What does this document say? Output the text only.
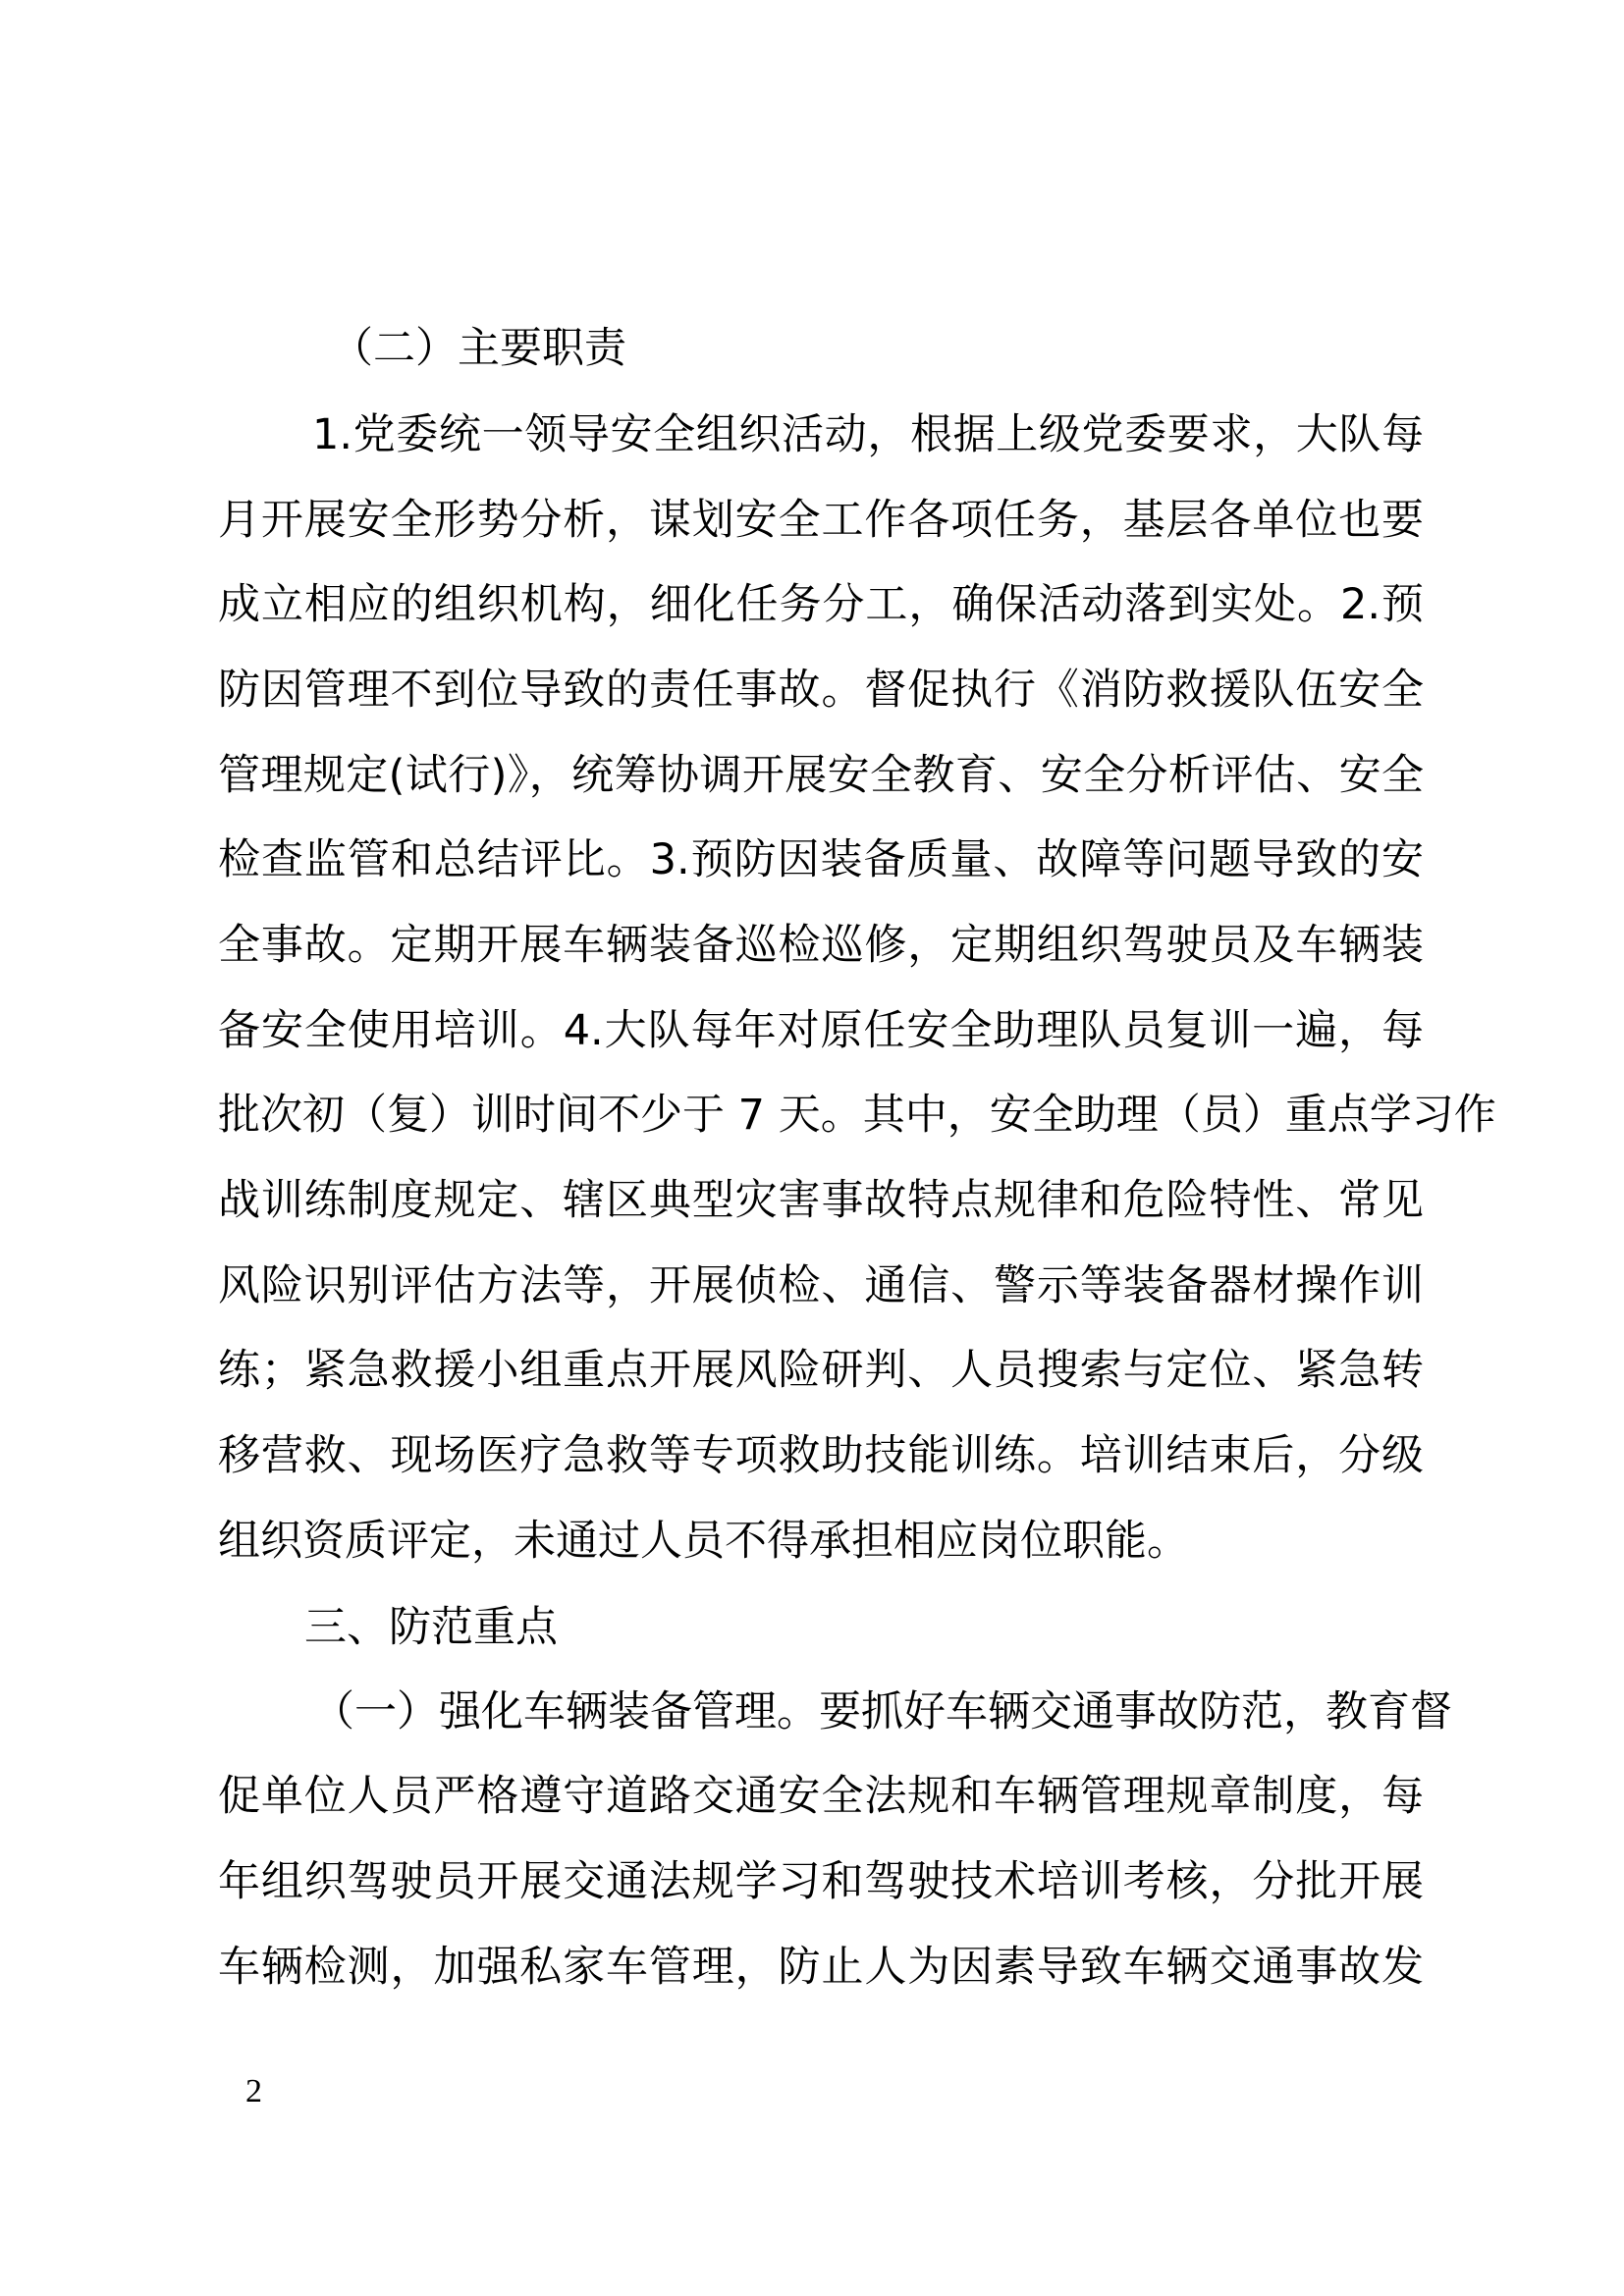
（二）主要职责
1.党委统一领导安全组织活动，根据上级党委要求，大队每
月开展安全形势分析，谋划安全工作各项任务，基层各单位也要
成立相应的组织机构，细化任务分工，确保活动落到实处。2.预
防因管理不到位导致的责任事故。督促执行《消防救援队伍安全
管理规定(试行)》，统筹协调开展安全教育、安全分析评估、安全
检查监管和总结评比。3.预防因装备质量、故障等问题导致的安
全事故。定期开展车辆装备巡检巡修，定期组织驾驶员及车辆装
备安全使用培训。4.大队每年对原任安全助理队员复训一遍，每
批次初（复）训时间不少于 7 天。其中，安全助理（员）重点学习作
战训练制度规定、辖区典型灾害事故特点规律和危险特性、常见
风险识别评估方法等，开展侦检、通信、警示等装备器材操作训
练；紧急救援小组重点开展风险研判、人员搜索与定位、紧急转
移营救、现场医疗急救等专项救助技能训练。培训结束后，分级
组织资质评定，未通过人员不得承担相应岗位职能。
三、防范重点
（一）强化车辆装备管理。要抓好车辆交通事故防范，教育督
促单位人员严格遵守道路交通安全法规和车辆管理规章制度，每
年组织驾驶员开展交通法规学习和驾驶技术培训考核，分批开展
车辆检测，加强私家车管理，防止人为因素导致车辆交通事故发
2
